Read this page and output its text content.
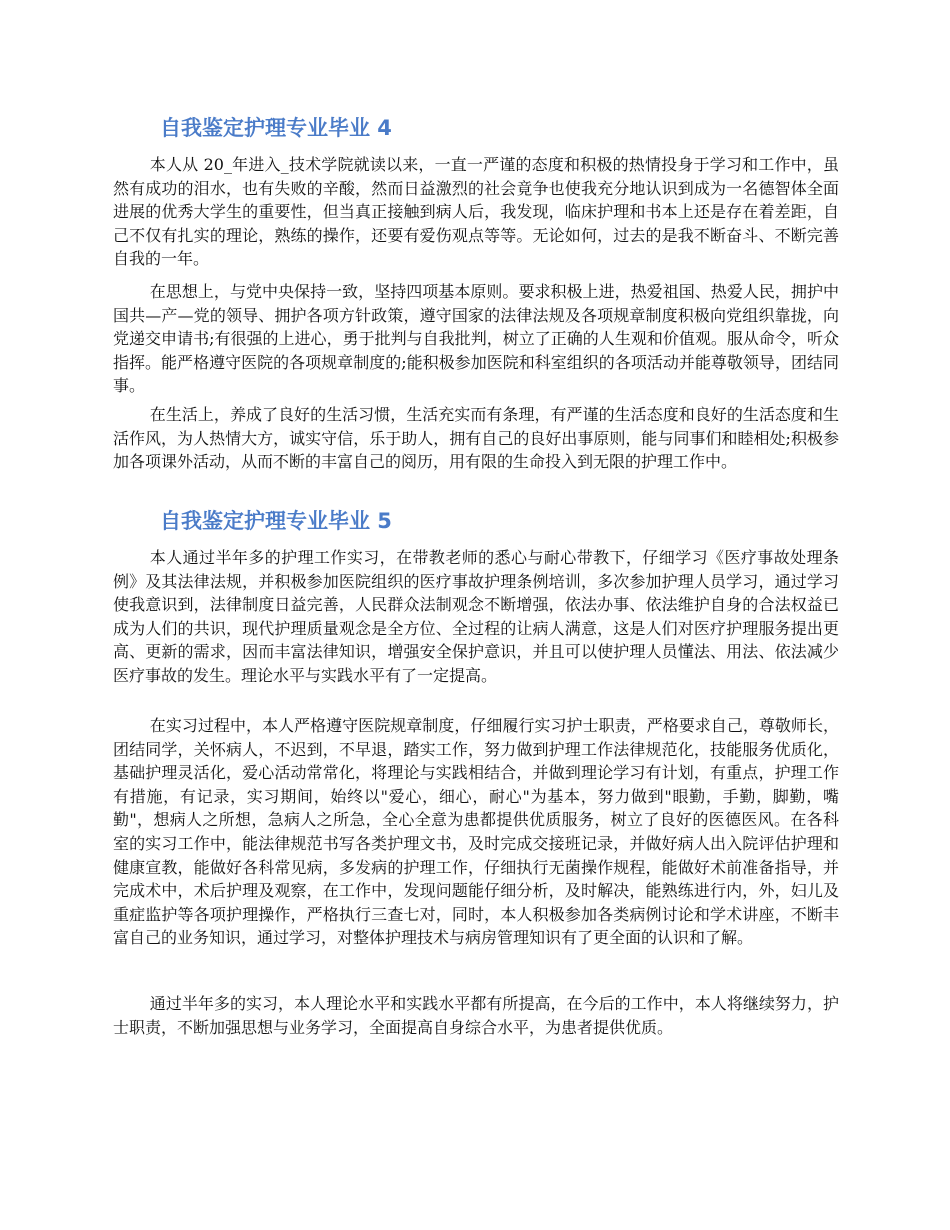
自我鉴定护理专业毕业 4

本人从 20_年进入_技术学院就读以来，一直一严谨的态度和积极的热情投身于学习和工作中，虽然有成功的泪水，也有失败的辛酸，然而日益激烈的社会竟争也使我充分地认识到成为一名德智体全面进展的优秀大学生的重要性，但当真正接触到病人后，我发现，临床护理和书本上还是存在着差距，自己不仅有扎实的理论，熟练的操作，还要有爱伤观点等等。无论如何，过去的是我不断奋斗、不断完善自我的一年。

在思想上，与党中央保持一致，坚持四项基本原则。要求积极上进，热爱祖国、热爱人民，拥护中国共—产—党的领导、拥护各项方针政策，遵守国家的法律法规及各项规章制度积极向党组织靠拢，向党递交申请书;有很强的上进心，勇于批判与自我批判，树立了正确的人生观和价值观。服从命令，听众指挥。能严格遵守医院的各项规章制度的;能积极参加医院和科室组织的各项活动并能尊敬领导，团结同事。

在生活上，养成了良好的生活习惯，生活充实而有条理，有严谨的生活态度和良好的生活态度和生活作风，为人热情大方，诚实守信，乐于助人，拥有自己的良好出事原则，能与同事们和睦相处;积极参加各项课外活动，从而不断的丰富自己的阅历，用有限的生命投入到无限的护理工作中。

自我鉴定护理专业毕业 5

本人通过半年多的护理工作实习，在带教老师的悉心与耐心带教下，仔细学习《医疗事故处理条例》及其法律法规，并积极参加医院组织的医疗事故护理条例培训，多次参加护理人员学习，通过学习使我意识到，法律制度日益完善，人民群众法制观念不断增强，依法办事、依法维护自身的合法权益已成为人们的共识，现代护理质量观念是全方位、全过程的让病人满意，这是人们对医疗护理服务提出更高、更新的需求，因而丰富法律知识，增强安全保护意识，并且可以使护理人员懂法、用法、依法减少医疗事故的发生。理论水平与实践水平有了一定提高。

在实习过程中，本人严格遵守医院规章制度，仔细履行实习护士职责，严格要求自己，尊敬师长，团结同学，关怀病人，不迟到，不早退，踏实工作，努力做到护理工作法律规范化，技能服务优质化，基础护理灵活化，爱心活动常常化，将理论与实践相结合，并做到理论学习有计划，有重点，护理工作有措施，有记录，实习期间，始终以"爱心，细心，耐心"为基本，努力做到"眼勤，手勤，脚勤，嘴勤"，想病人之所想，急病人之所急，全心全意为患都提供优质服务，树立了良好的医德医风。在各科室的实习工作中，能法律规范书写各类护理文书，及时完成交接班记录，并做好病人出入院评估护理和健康宣教，能做好各科常见病，多发病的护理工作，仔细执行无菌操作规程，能做好术前准备指导，并完成术中，术后护理及观察，在工作中，发现问题能仔细分析，及时解决，能熟练进行内，外，妇儿及重症监护等各项护理操作，严格执行三查七对，同时，本人积极参加各类病例讨论和学术讲座，不断丰富自己的业务知识，通过学习，对整体护理技术与病房管理知识有了更全面的认识和了解。

通过半年多的实习，本人理论水平和实践水平都有所提高，在今后的工作中，本人将继续努力，护士职责，不断加强思想与业务学习，全面提高自身综合水平，为患者提供优质。
